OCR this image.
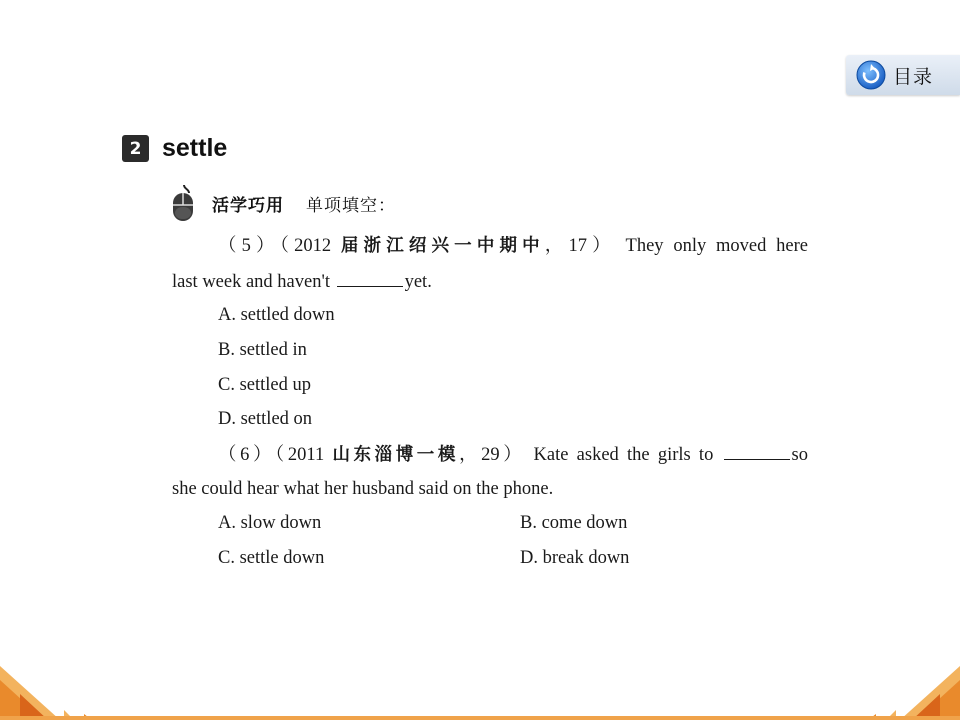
目录
2 settle
活学巧用 单项填空：
（5）（2012 届浙江绍兴一中期中，17） They only moved here
last week and haven't	yet.
A. settled down
B. settled in
C. settled up
D. settled on
（6）（2011 山东淄博一模，29） Kate asked the girls to	so
she could hear what her husband said on the phone.
A. slow down	B. come down
C. settle down	D. break down
